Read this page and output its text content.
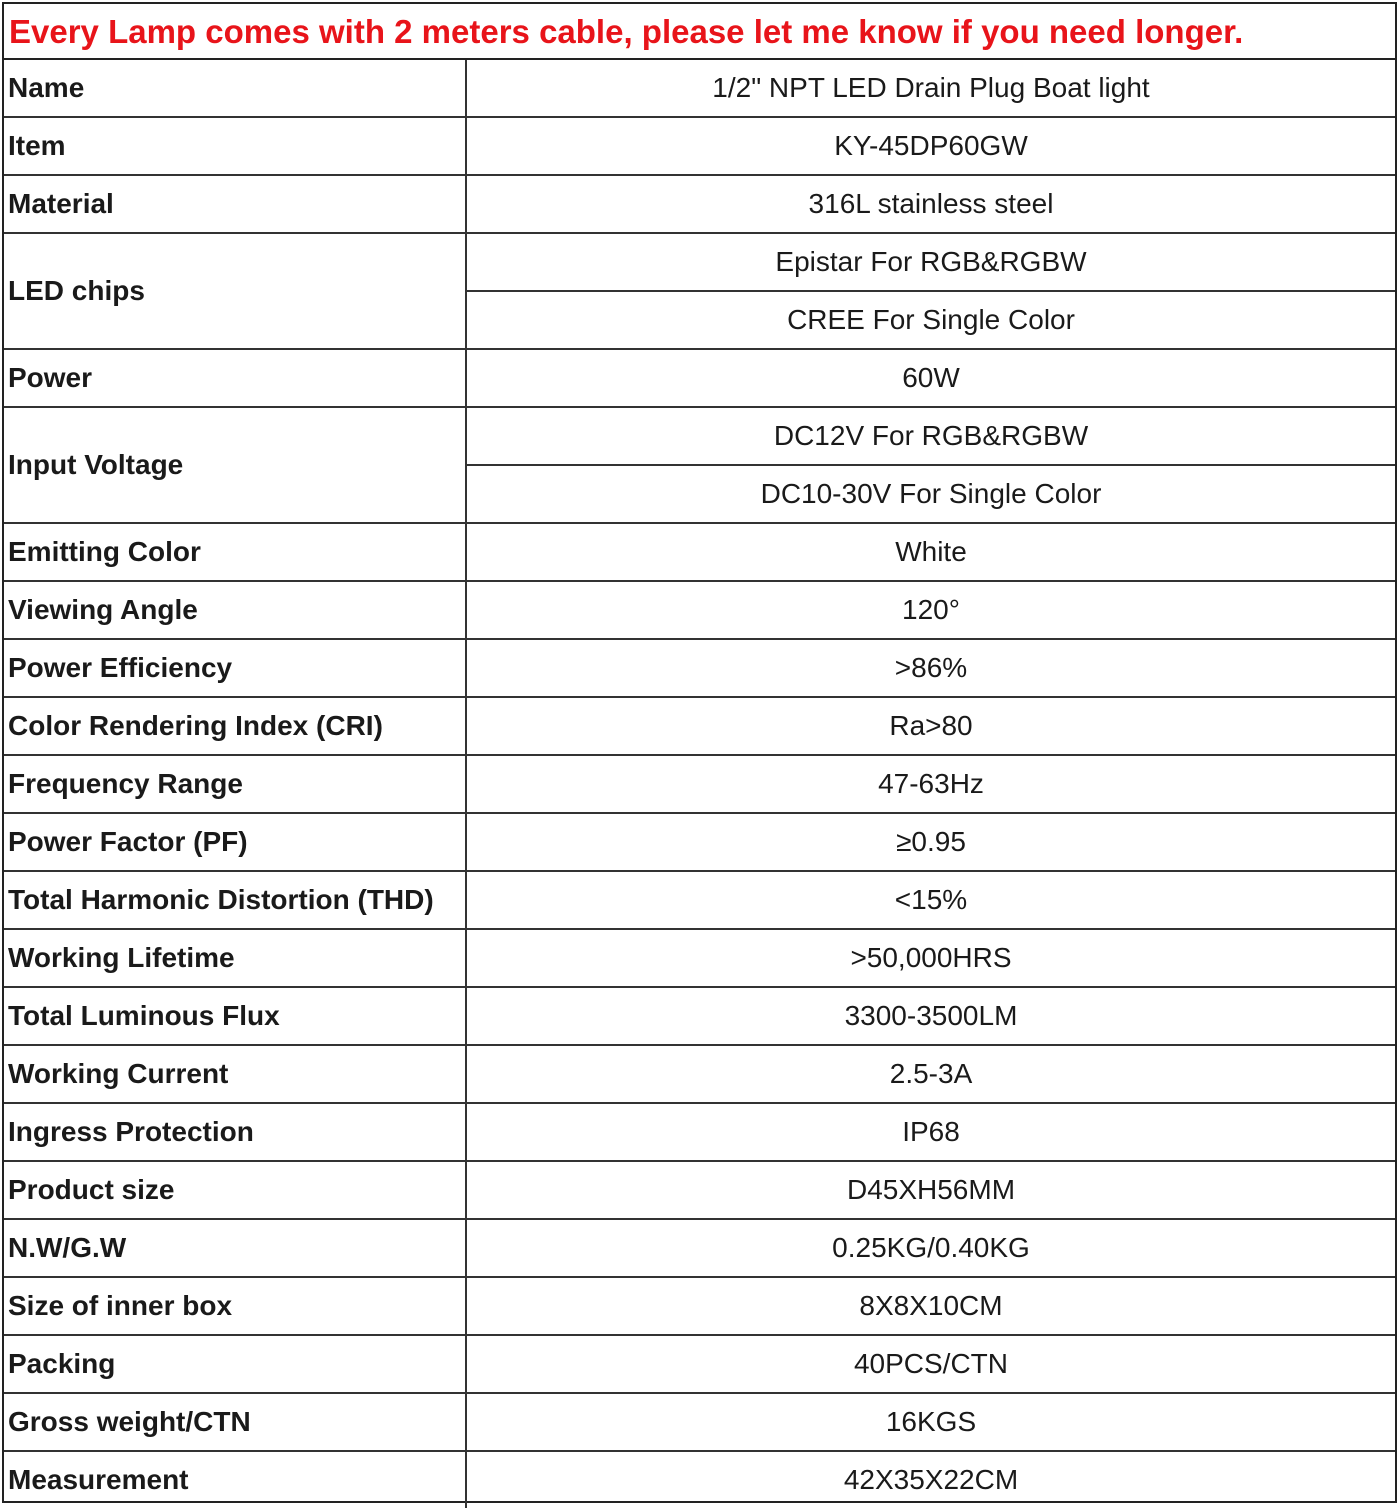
Every Lamp comes with 2 meters cable, please let me know if you need longer.
Name	1/2" NPT LED Drain Plug Boat light
Item	KY-45DP60GW
Material	316L stainless steel
LED chips	Epistar For RGB&RGBW
	CREE For Single Color
Power	60W
Input Voltage	DC12V For RGB&RGBW
	DC10-30V For Single Color
Emitting Color	White
Viewing Angle	120°
Power Efficiency	>86%
Color Rendering Index (CRI)	Ra>80
Frequency Range	47-63Hz
Power Factor (PF)	≥0.95
Total Harmonic Distortion (THD)	<15%
Working Lifetime	>50,000HRS
Total Luminous Flux	3300-3500LM
Working Current	2.5-3A
Ingress Protection	IP68
Product size	D45XH56MM
N.W/G.W	0.25KG/0.40KG
Size of inner box	8X8X10CM
Packing	40PCS/CTN
Gross weight/CTN	16KGS
Measurement	42X35X22CM
